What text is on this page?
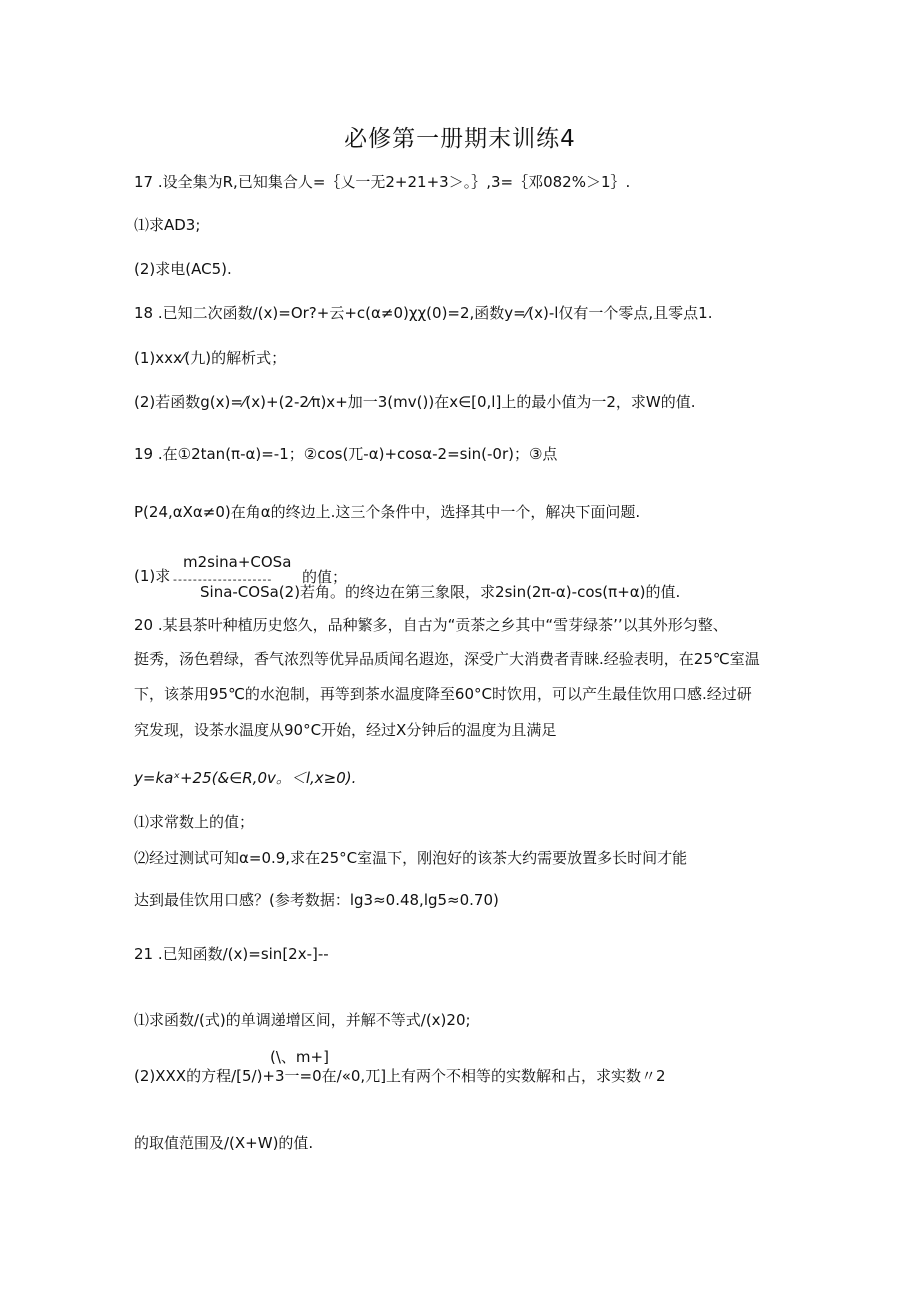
必修第一册期末训练4
17 .设全集为R,已知集合人=｛乂一无2+21+3＞。｝,3=｛邓082%＞1｝.
⑴求AD3;
(2)求电(AC5).
18 .已知二次函数/(x)=Or?+云+c(α≠0)χχ(0)=2,函数y=⁄(x)-l仅有一个零点,且零点1.
(1)xxx⁄(九)的解析式；
(2)若函数g(x)=⁄(x)+(2-2⁄π)x+加一3(mv())在x∈[0,l]上的最小值为一2，求W的值.
19 .在①2tan(π-α)=-1；②cos(兀-α)+cosα-2=sin(-0r)；③点
P(24,αXα≠0)在角α的终边上.这三个条件中，选择其中一个，解决下面问题.
(1)求
m2sina+COSa
-------------------- 的值；
Sina-COSa(2)若角。的终边在第三象限，求2sin(2π-α)-cos(π+α)的值.
20 .某县茶叶种植历史悠久，品种繁多，自古为“贡茶之乡其中“雪芽绿茶’’以其外形匀整、
挺秀，汤色碧绿，香气浓烈等优异品质闻名遐迩，深受广大消费者青睐.经验表明，在25℃室温
下，该茶用95℃的水泡制，再等到茶水温度降至60°C时饮用，可以产生最佳饮用口感.经过研
究发现，设茶水温度从90°C开始，经过X分钟后的温度为且满足
y=kaˣ+25(&∈R,0v。＜l,x≥0).
⑴求常数上的值；
⑵经过测试可知α=0.9,求在25°C室温下，刚泡好的该茶大约需要放置多长时间才能
达到最佳饮用口感？(参考数据：lg3≈0.48,lg5≈0.70)
21 .已知函数/(x)=sin[2x-]--
⑴求函数/(式)的单调递增区间，并解不等式/(x)20;
(\、m+]
(2)XXX的方程/[5/)+3一=0在/«0,兀]上有两个不相等的实数解和占，求实数〃2
的取值范围及/(X+W)的值.
